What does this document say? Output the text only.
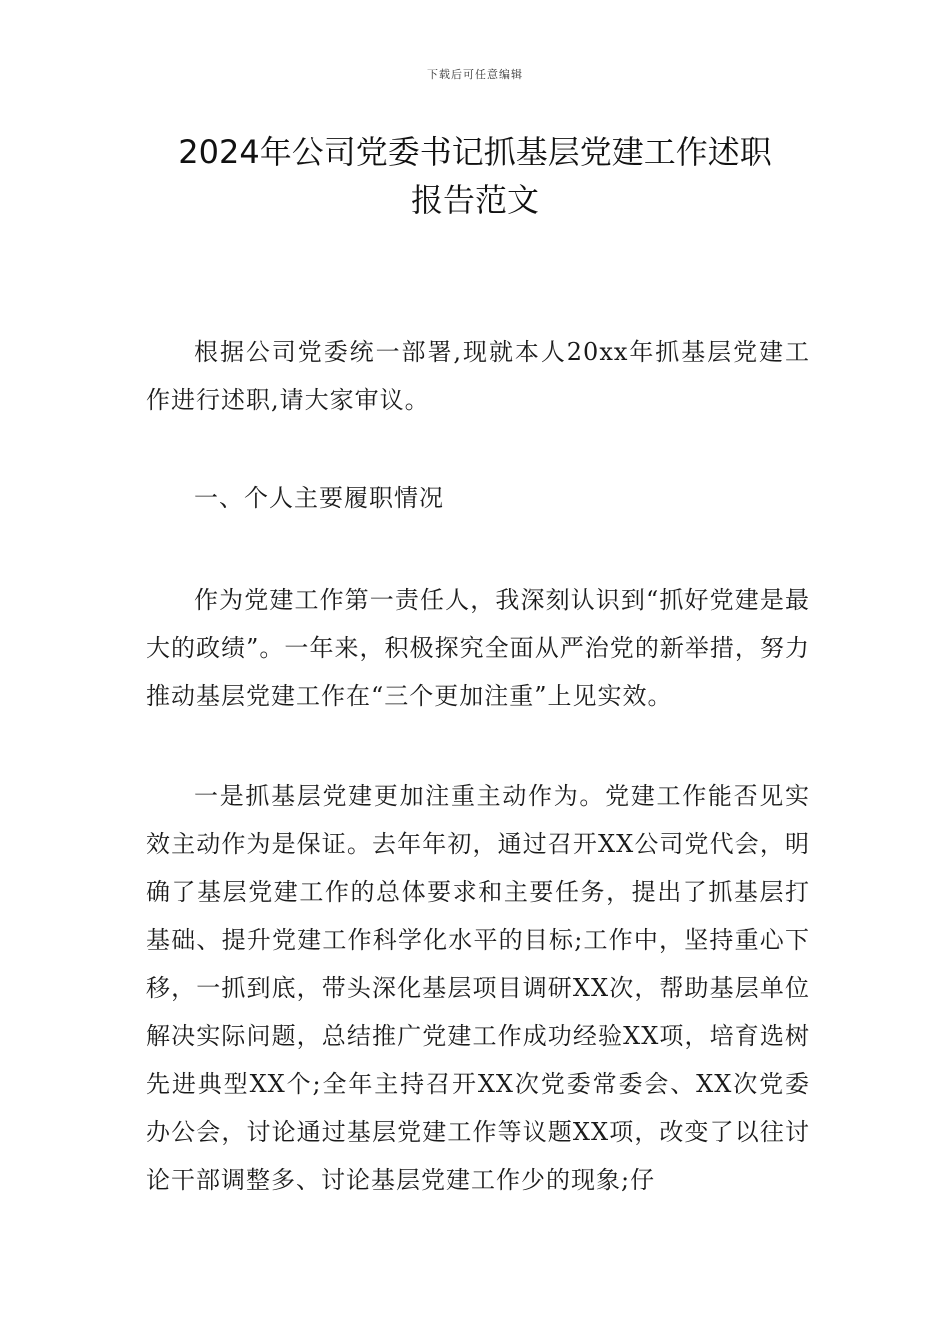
下载后可任意编辑
2024年公司党委书记抓基层党建工作述职
报告范文

根据公司党委统一部署,现就本人20xx年抓基层党建工作进行述职,请大家审议。

一、个人主要履职情况

作为党建工作第一责任人，我深刻认识到“抓好党建是最大的政绩”。一年来，积极探究全面从严治党的新举措，努力推动基层党建工作在“三个更加注重”上见实效。

一是抓基层党建更加注重主动作为。党建工作能否见实效主动作为是保证。去年年初，通过召开XX公司党代会，明确了基层党建工作的总体要求和主要任务，提出了抓基层打基础、提升党建工作科学化水平的目标;工作中，坚持重心下移，一抓到底，带头深化基层项目调研XX次，帮助基层单位解决实际问题，总结推广党建工作成功经验XX项，培育选树先进典型XX个;全年主持召开XX次党委常委会、XX次党委办公会，讨论通过基层党建工作等议题XX项，改变了以往讨论干部调整多、讨论基层党建工作少的现象;仔
